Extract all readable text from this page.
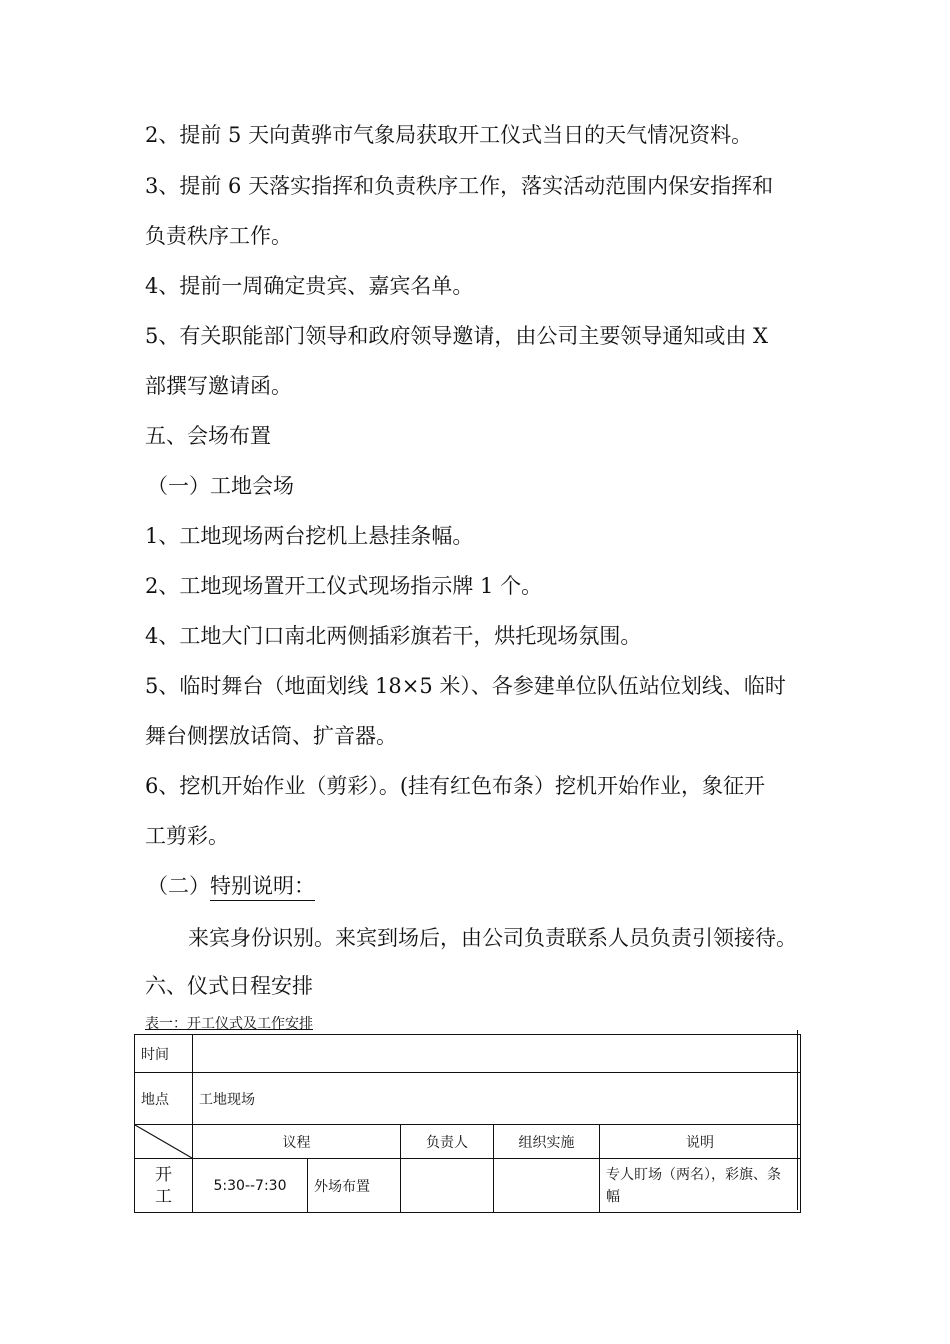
2、提前 5 天向黄骅市气象局获取开工仪式当日的天气情况资料。
3、提前 6 天落实指挥和负责秩序工作，落实活动范围内保安指挥和
负责秩序工作。
4、提前一周确定贵宾、嘉宾名单。
5、有关职能部门领导和政府领导邀请，由公司主要领导通知或由 X
部撰写邀请函。
五、会场布置
（一）工地会场
1、工地现场两台挖机上悬挂条幅。
2、工地现场置开工仪式现场指示牌 1 个。
4、工地大门口南北两侧插彩旗若干，烘托现场氛围。
5、临时舞台（地面划线 18×5 米）、各参建单位队伍站位划线、临时
舞台侧摆放话筒、扩音器。
6、挖机开始作业（剪彩）。(挂有红色布条）挖机开始作业，象征开
工剪彩。
（二）特别说明：
来宾身份识别。来宾到场后，由公司负责联系人员负责引领接待。
六、仪式日程安排
表一：开工仪式及工作安排
时间					
地点	工地现场				

	议程		负责人	组织实施	说明
开工	5:30--7:30	外场布置			专人盯场（两名），彩旗、条幅
